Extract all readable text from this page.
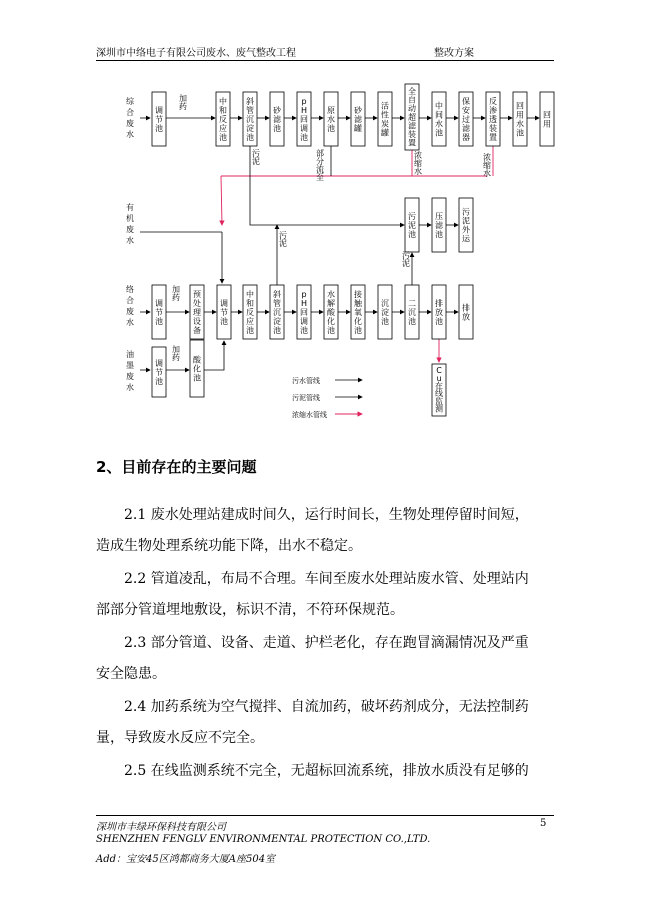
深圳市中络电子有限公司废水、废气整改工程	整改方案
调
节
池
中
和
反
应
池
斜
管
沉
淀
池
砂
滤
池
p
H
回
调
池
原
水
池
砂
滤
罐
活
性
炭
罐
全
自
动
超
滤
装
置
中
间
水
池
保
安
过
滤
器
反
渗
透
装
置
回
用
水
池
回
用
污
泥
池
压
滤
池
污
泥
外
运
调
节
池
预
处
理
设
备
调
节
池
中
和
反
应
池
斜
管
沉
淀
池
p
H
回
调
池
水
解
酸
化
池
接
触
氧
化
池
沉
淀
池
二
沉
池
排
放
池
排
放
调
节
池
酸
化
池
C
u
在
线
监
测
综
合
废
水
加
药
浓
缩
水
浓
缩
水
部
分
流
至
污
泥
有
机
废
水
络
合
废
水
加
药
污
泥
污
泥
油
墨
废
水
加
药
污水管线
污泥管线
浓缩水管线
2、目前存在的主要问题
2.1 废水处理站建成时间久，运行时间长，生物处理停留时间短，
造成生物处理系统功能下降，出水不稳定。
2.2 管道凌乱，布局不合理。车间至废水处理站废水管、处理站内
部部分管道埋地敷设，标识不清，不符环保规范。
2.3 部分管道、设备、走道、护栏老化，存在跑冒滴漏情况及严重
安全隐患。
2.4 加药系统为空气搅拌、自流加药，破坏药剂成分，无法控制药
量，导致废水反应不完全。
2.5 在线监测系统不完全，无超标回流系统，排放水质没有足够的
深圳市丰绿环保科技有限公司
SHENZHEN FENGLV ENVIRONMENTAL PROTECTION CO.,LTD.
Add：宝安45区鸿都商务大厦A座504室
5
